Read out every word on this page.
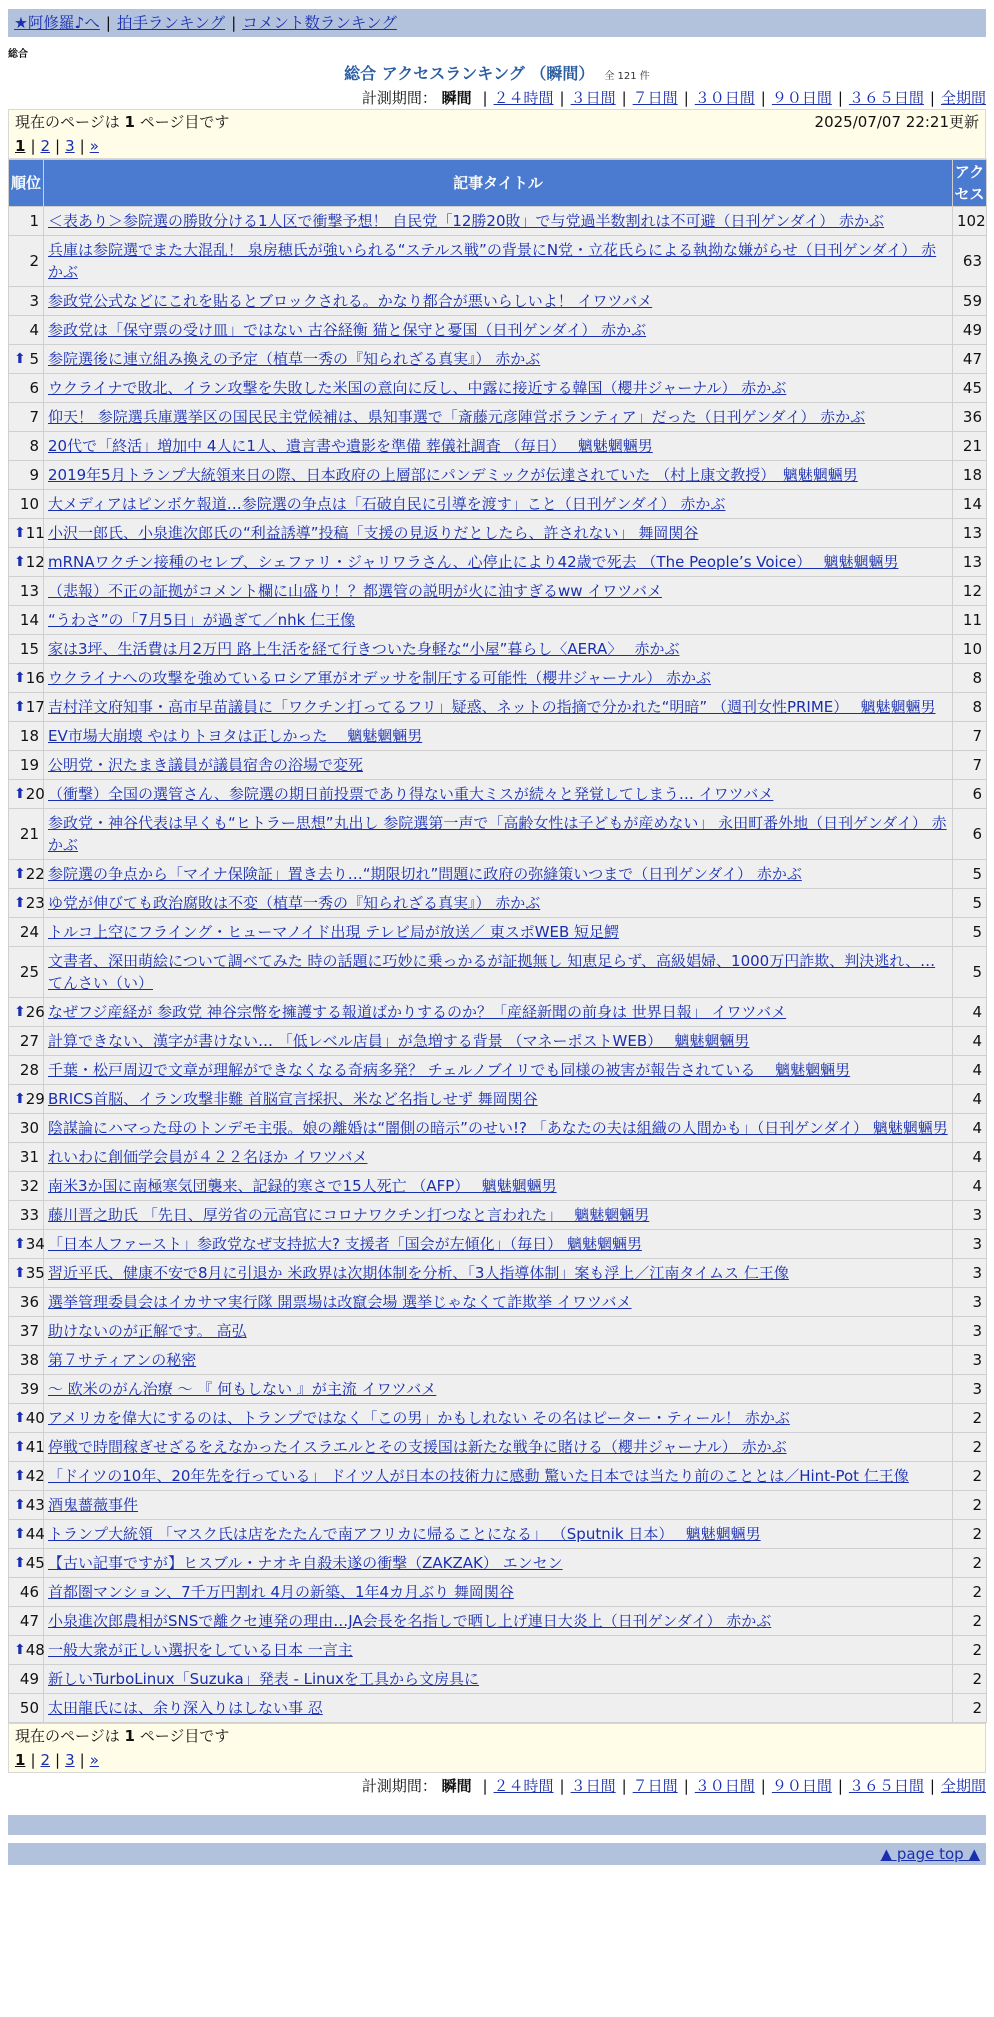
★阿修羅♪へ | 拍手ランキング | コメント数ランキング
総合
総合 アクセスランキング （瞬間） 全 121 件
計測期間： 瞬間 | ２４時間 | ３日間 | ７日間 | ３０日間 | ９０日間 | ３６５日間 | 全期間
現在のページは 1 ページ目です	2025/07/07 22:21更新
1 | 2 | 3 | »
順位	記事タイトル	アクセス
1	＜表あり＞参院選の勝敗分ける1人区で衝撃予想！ 自民党「12勝20敗」で与党過半数割れは不可避（日刊ゲンダイ） 赤かぶ	102
2	兵庫は参院選でまた大混乱！ 泉房穂氏が強いられる“ステルス戦”の背景にN党・立花氏らによる執拗な嫌がらせ（日刊ゲンダイ） 赤かぶ	63
3	参政党公式などにこれを貼るとブロックされる。かなり都合が悪いらしいよ！ イワツバメ	59
4	参政党は「保守票の受け皿」ではない 古谷経衡 猫と保守と憂国（日刊ゲンダイ） 赤かぶ	49

⬆ 5	参院選後に連立組み換えの予定（植草一秀の『知られざる真実』） 赤かぶ	47
6	ウクライナで敗北、イラン攻撃を失敗した米国の意向に反し、中露に接近する韓国（櫻井ジャーナル） 赤かぶ	45
7	仰天！ 参院選兵庫選挙区の国民民主党候補は、県知事選で「斎藤元彦陣営ボランティア」だった（日刊ゲンダイ） 赤かぶ	36
8	20代で「終活」増加中 4人に1人、遺言書や遺影を準備 葬儀社調査 （毎日）　 魑魅魍魎男	21
9	2019年5月トランプ大統領来日の際、日本政府の上層部にパンデミックが伝達されていた （村上康文教授）　魑魅魍魎男	18
10	大メディアはピンボケ報道…参院選の争点は「石破自民に引導を渡す」こと（日刊ゲンダイ） 赤かぶ	14

⬆ 11	小沢一郎氏、小泉進次郎氏の“利益誘導”投稿「支援の見返りだとしたら、許されない」 舞岡関谷	13

⬆ 12	mRNAワクチン接種のセレブ、シェファリ・ジャリワラさん、心停止により42歳で死去 （The People’s Voice）　 魑魅魍魎男	13
13	（悲報）不正の証拠がコメント欄に山盛り！？都選管の説明が火に油すぎるww イワツバメ	12
14	“うわさ”の「7月5日」が過ぎて／nhk 仁王像	11
15	家は3坪、生活費は月2万円 路上生活を経て行きついた身軽な“小屋”暮らし〈AERA〉　 赤かぶ	10

⬆ 16	ウクライナへの攻撃を強めているロシア軍がオデッサを制圧する可能性（櫻井ジャーナル） 赤かぶ	8

⬆ 17	吉村洋文府知事・高市早苗議員に「ワクチン打ってるフリ」疑惑、ネットの指摘で分かれた“明暗” （週刊女性PRIME）　 魑魅魍魎男	8
18	EV市場大崩壊 やはりトヨタは正しかった　 魑魅魍魎男	7
19	公明党・沢たまき議員が議員宿舎の浴場で変死	7

⬆ 20	（衝撃）全国の選管さん、参院選の期日前投票であり得ない重大ミスが続々と発覚してしまう… イワツバメ	6
21	参政党・神谷代表は早くも“ヒトラー思想”丸出し 参院選第一声で「高齢女性は子どもが産めない」 永田町番外地（日刊ゲンダイ） 赤かぶ	6

⬆ 22	参院選の争点から「マイナ保険証」置き去り…“期限切れ”問題に政府の弥縫策いつまで（日刊ゲンダイ） 赤かぶ	5

⬆ 23	ゆ党が伸びても政治腐敗は不変（植草一秀の『知られざる真実』） 赤かぶ	5
24	トルコ上空にフライング・ヒューマノイド出現 テレビ局が放送／ 東スポWEB 短足鰐	5
25	文書者、深田萌絵について調べてみた 時の話題に巧妙に乗っかるが証拠無し 知恵足らず、高級娼婦、1000万円詐欺、判決逃れ、… てんさい（い）	5

⬆ 26	なぜフジ産経が 参政党 神谷宗幣を擁護する報道ばかりするのか？「産経新聞の前身は 世界日報」 イワツバメ	4
27	計算できない、漢字が書けない… 「低レベル店員」が急増する背景 （マネーポストWEB）　 魑魅魍魎男	4
28	千葉・松戸周辺で文章が理解ができなくなる奇病多発？ チェルノブイリでも同様の被害が報告されている 　魑魅魍魎男	4

⬆ 29	BRICS首脳、イラン攻撃非難 首脳宣言採択、米など名指しせず 舞岡関谷	4
30	陰謀論にハマった母のトンデモ主張。娘の離婚は“闇側の暗示”のせい!? 「あなたの夫は組織の人間かも」（日刊ゲンダイ） 魑魅魍魎男	4
31	れいわに創価学会員が４２２名ほか イワツバメ	4
32	南米3か国に南極寒気団襲来、記録的寒さで15人死亡 （AFP）　 魑魅魍魎男	4
33	藤川晋之助氏 「先日、厚労省の元高官にコロナワクチン打つなと言われた」　 魑魅魍魎男	3

⬆ 34	「日本人ファースト」参政党なぜ支持拡大? 支援者「国会が左傾化」（毎日） 魑魅魍魎男	3

⬆ 35	習近平氏、健康不安で8月に引退か 米政界は次期体制を分析、「3人指導体制」案も浮上／江南タイムス 仁王像	3
36	選挙管理委員会はイカサマ実行隊 開票場は改竄会場 選挙じゃなくて詐欺挙 イワツバメ	3
37	助けないのが正解です。 高弘	3
38	第７サティアンの秘密	3
39	～ 欧米のがん治療 ～ 『 何もしない 』が主流 イワツバメ	3

⬆ 40	アメリカを偉大にするのは、トランプではなく「この男」かもしれない その名はピーター・ティール！ 赤かぶ	2

⬆ 41	停戦で時間稼ぎせざるをえなかったイスラエルとその支援国は新たな戦争に賭ける（櫻井ジャーナル） 赤かぶ	2

⬆ 42	「ドイツの10年、20年先を行っている」 ドイツ人が日本の技術力に感動 驚いた日本では当たり前のこととは／Hint-Pot 仁王像	2

⬆ 43	酒鬼薔薇事件	2

⬆ 44	トランプ大統領 「マスク氏は店をたたんで南アフリカに帰ることになる」 （Sputnik 日本）　 魑魅魍魎男	2

⬆ 45	【古い記事ですが】ヒスブル・ナオキ自殺未遂の衝撃（ZAKZAK） エンセン	2
46	首都圏マンション、7千万円割れ 4月の新築、1年4カ月ぶり 舞岡関谷	2
47	小泉進次郎農相がSNSで離クセ連発の理由…JA会長を名指しで晒し上げ連日大炎上（日刊ゲンダイ） 赤かぶ	2

⬆ 48	一般大衆が正しい選択をしている日本 一言主	2
49	新しいTurboLinux「Suzuka」発表 - Linuxを工具から文房具に	2
50	太田龍氏には、余り深入りはしない事 忍	2
現在のページは 1 ページ目です
1 | 2 | 3 | »
計測期間： 瞬間 | ２４時間 | ３日間 | ７日間 | ３０日間 | ９０日間 | ３６５日間 | 全期間
▲ page top ▲
